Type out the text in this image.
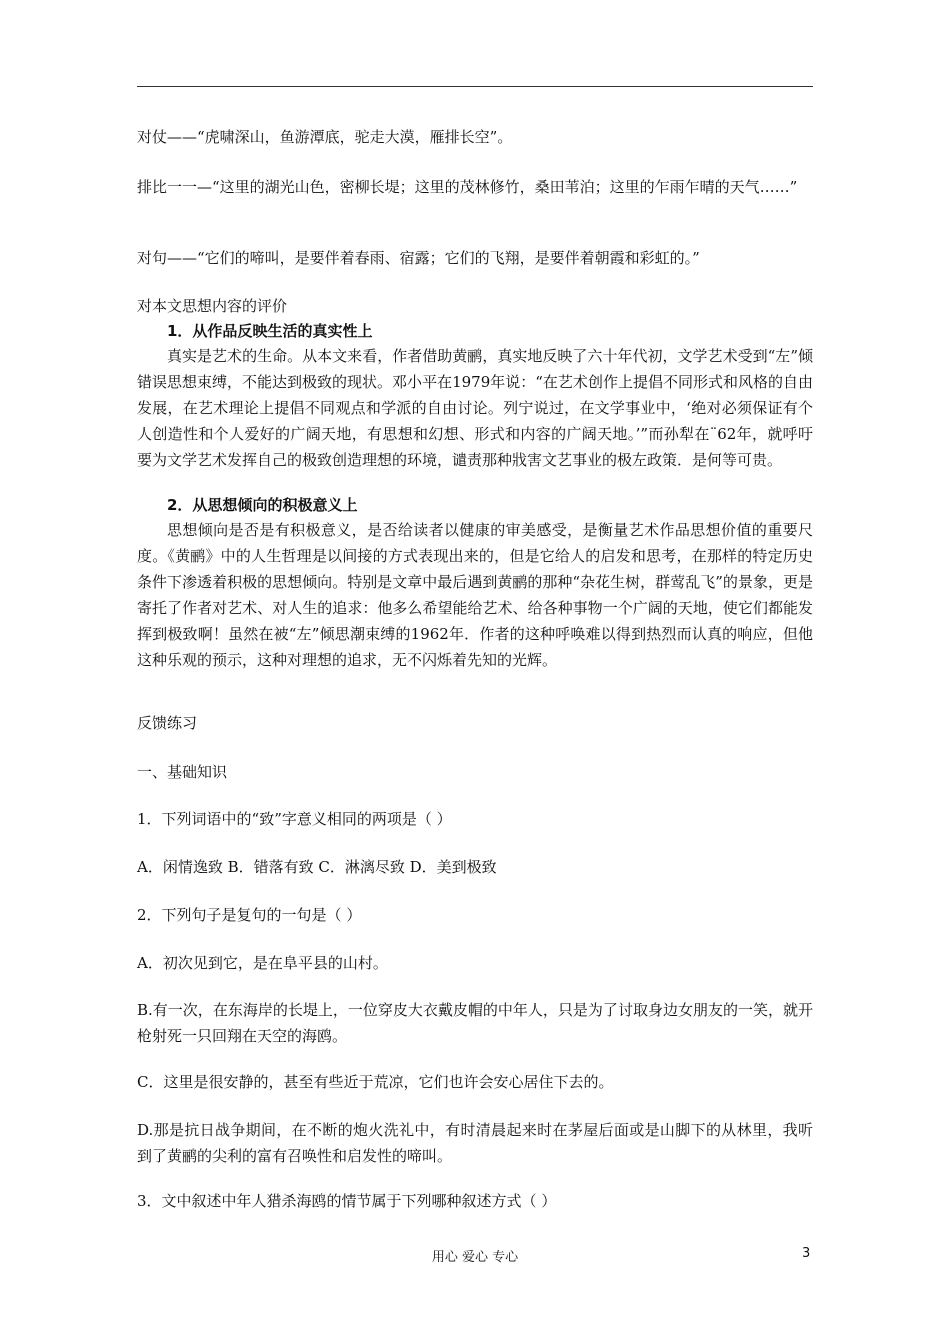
对仗——“虎啸深山，鱼游潭底，驼走大漠，雁排长空”。
排比一一—“这里的湖光山色，密柳长堤；这里的茂林修竹，桑田苇泊；这里的乍雨乍晴的天气……”
对句——“它们的啼叫，是要伴着春雨、宿露；它们的飞翔，是要伴着朝霞和彩虹的。”
对本文思想内容的评价
1．从作品反映生活的真实性上
真实是艺术的生命。从本文来看，作者借助黄鹂，真实地反映了六十年代初，文学艺术受到“左”倾错误思想束缚，不能达到极致的现状。邓小平在1979年说：“在艺术创作上提倡不同形式和风格的自由发展，在艺术理论上提倡不同观点和学派的自由讨论。列宁说过，在文学事业中，‘绝对必须保证有个人创造性和个人爱好的广阔天地，有思想和幻想、形式和内容的广阔天地。’”而孙犁在¨62年，就呼吁要为文学艺术发挥自己的极致创造理想的环境，谴责那种戕害文艺事业的极左政策．是何等可贵。
2．从思想倾向的积极意义上
思想倾向是否是有积极意义，是否给读者以健康的审美感受，是衡量艺术作品思想价值的重要尺度。《黄鹂》中的人生哲理是以间接的方式表现出来的，但是它给人的启发和思考，在那样的特定历史条件下渗透着积极的思想倾向。特别是文章中最后遇到黄鹂的那种“杂花生树，群莺乱飞”的景象，更是寄托了作者对艺术、对人生的追求：他多么希望能给艺术、给各种事物一个广阔的天地，使它们都能发挥到极致啊！虽然在被“左”倾思潮束缚的1962年．作者的这种呼唤难以得到热烈而认真的响应，但他这种乐观的预示，这种对理想的追求，无不闪烁着先知的光辉。
反馈练习
一、基础知识
1．下列词语中的“致”字意义相同的两项是（ ）
A．闲情逸致 B．错落有致 C．淋漓尽致 D．美到极致
2．下列句子是复句的一句是（ ）
A．初次见到它，是在阜平县的山村。
B.有一次，在东海岸的长堤上，一位穿皮大衣戴皮帽的中年人，只是为了讨取身边女朋友的一笑，就开枪射死一只回翔在天空的海鸥。
C．这里是很安静的，甚至有些近于荒凉，它们也许会安心居住下去的。
D.那是抗日战争期间，在不断的炮火洗礼中，有时清晨起来时在茅屋后面或是山脚下的从林里，我听到了黄鹂的尖利的富有召唤性和启发性的啼叫。
3．文中叙述中年人猎杀海鸥的情节属于下列哪种叙述方式（ ）
用心 爱心 专心	3
